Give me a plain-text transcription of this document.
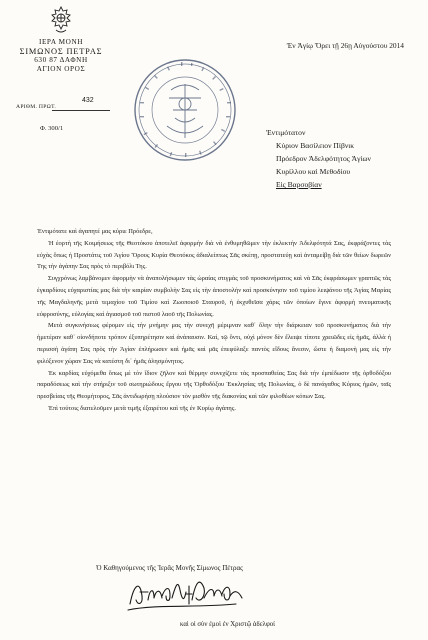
ΙΕΡΑ ΜΟΝΗ
ΣΙΜΩΝΟΣ ΠΕΤΡΑΣ
630 87 ΔΑΦΝΗ
ΑΓΙΟΝ ΟΡΟΣ
ΑΡΙΘΜ. ΠΡΩΤ.
432
Φ. 300/1
Ἐν Ἁγίῳ Ὄρει τῇ 26ῃ Αὐγούστου 2014
Ἐντιμότατον
Κύριον Βασίλειον Πίβνικ
Πρόεδρον Ἀδελφότητος Ἁγίων
Κυρίλλου καὶ Μεθοδίου
Εἰς Βαρσοβίαν

Ἐντιμότατε καὶ ἀγαπητέ μας κύριε Πρόεδρε,

Ἡ ἑορτὴ τῆς Κοιμήσεως τῆς Θεοτόκου ἀποτελεῖ ἀφορμὴν διὰ νὰ ἐνθυμηθῶμεν τὴν ἐκλεκτὴν Ἀδελφότητά Σας, ἐκφράζοντες τὰς εὐχὰς ὅπως ἡ Προστάτις τοῦ Ἁγίου Ὄρους Κυρία Θεοτόκος ἀδιαλείπτως Σᾶς σκέπῃ, προστατεύῃ καὶ ἀνταμείβῃ διὰ τῶν θείων δωρεῶν Της τὴν ἀγάπην Σας πρὸς τὸ περιβόλι Της.

Συγχρόνως λαμβάνομεν ἀφορμὴν νὰ ἀναπολήσωμεν τὰς ὡραίας στιγμὰς τοῦ προσκυνήματος καὶ νὰ Σᾶς ἐκφράσωμεν γραπτῶς τὰς ἐγκαρδίους εὐχαριστίας μας διὰ τὴν καιρίαν συμβολὴν Σας εἰς τὴν ἀποστολὴν καὶ προσκύνησιν τοῦ τιμίου λειψάνου τῆς Ἁγίας Μαρίας τῆς Μαγδαληνῆς μετὰ τεμαχίου τοῦ Τιμίου καὶ Ζωοποιοῦ Σταυροῦ, ἡ ἐκχυθεῖσα χάρις τῶν ὁποίων ἔγινε ἀφορμὴ πνευματικῆς εὐφροσύνης, εὐλογίας καὶ ἁγιασμοῦ τοῦ πιστοῦ λαοῦ τῆς Πολωνίας.

Μετὰ συγκινήσεως φέρομεν εἰς τὴν μνήμην μας τὴν συνεχῆ μέριμναν καθ᾽ ὅλην τὴν διάρκειαν τοῦ προσκυνήματος διὰ τὴν ἡμετέραν καθ᾽ οἱονδήποτε τρόπον ἐξυπηρέτησιν καὶ ἀνάπαυσιν. Καί, τῷ ὄντι, οὐχὶ μόνον δὲν ἔλειψε τίποτε χρειῶδες εἰς ἡμᾶς, ἀλλὰ ἡ περισσὴ ἀγάπη Σας πρὸς τὴν Ἁγίαν ἐπλήρωσεν καὶ ἡμᾶς καὶ μᾶς ἐπεφύλαξε παντὸς εἴδους ἄνεσιν, ὥστε ἡ διαμονὴ μας εἰς τὴν φιλόξενον χώραν Σας νὰ κατέστη δι᾽ ἡμᾶς ἀλησμόνητος.

Ἐκ καρδίας εὐχόμεθα ὅπως μὲ τὸν ἴδιον ζῆλον καὶ θέρμην συνεχίζετε τὰς προσπαθείας Σας διὰ τὴν ἐμπέδωσιν τῆς ὀρθοδόξου παραδόσεως καὶ τὴν στήριξιν τοῦ σωτηριώδους ἔργου τῆς Ὀρθοδόξου Ἐκκλησίας τῆς Πολωνίας, ὁ δὲ πανάγαθος Κύριος ἡμῶν, ταῖς πρεσβείαις τῆς Θεομήτορος, Σᾶς ἀντιδωρήσῃ πλούσιον τὸν μισθὸν τῆς διακονίας καὶ τῶν φιλοθέων κόπων Σας.

Ἐπὶ τούτοις διατελοῦμεν μετὰ τιμῆς ἐξαιρέτου καὶ τῆς ἐν Κυρίῳ ἀγάπης.

Ὁ Καθηγούμενος τῆς Ἱερᾶς Μονῆς Σίμωνος Πέτρας
καὶ οἱ σὺν ἐμοὶ ἐν Χριστῷ ἀδελφοί
